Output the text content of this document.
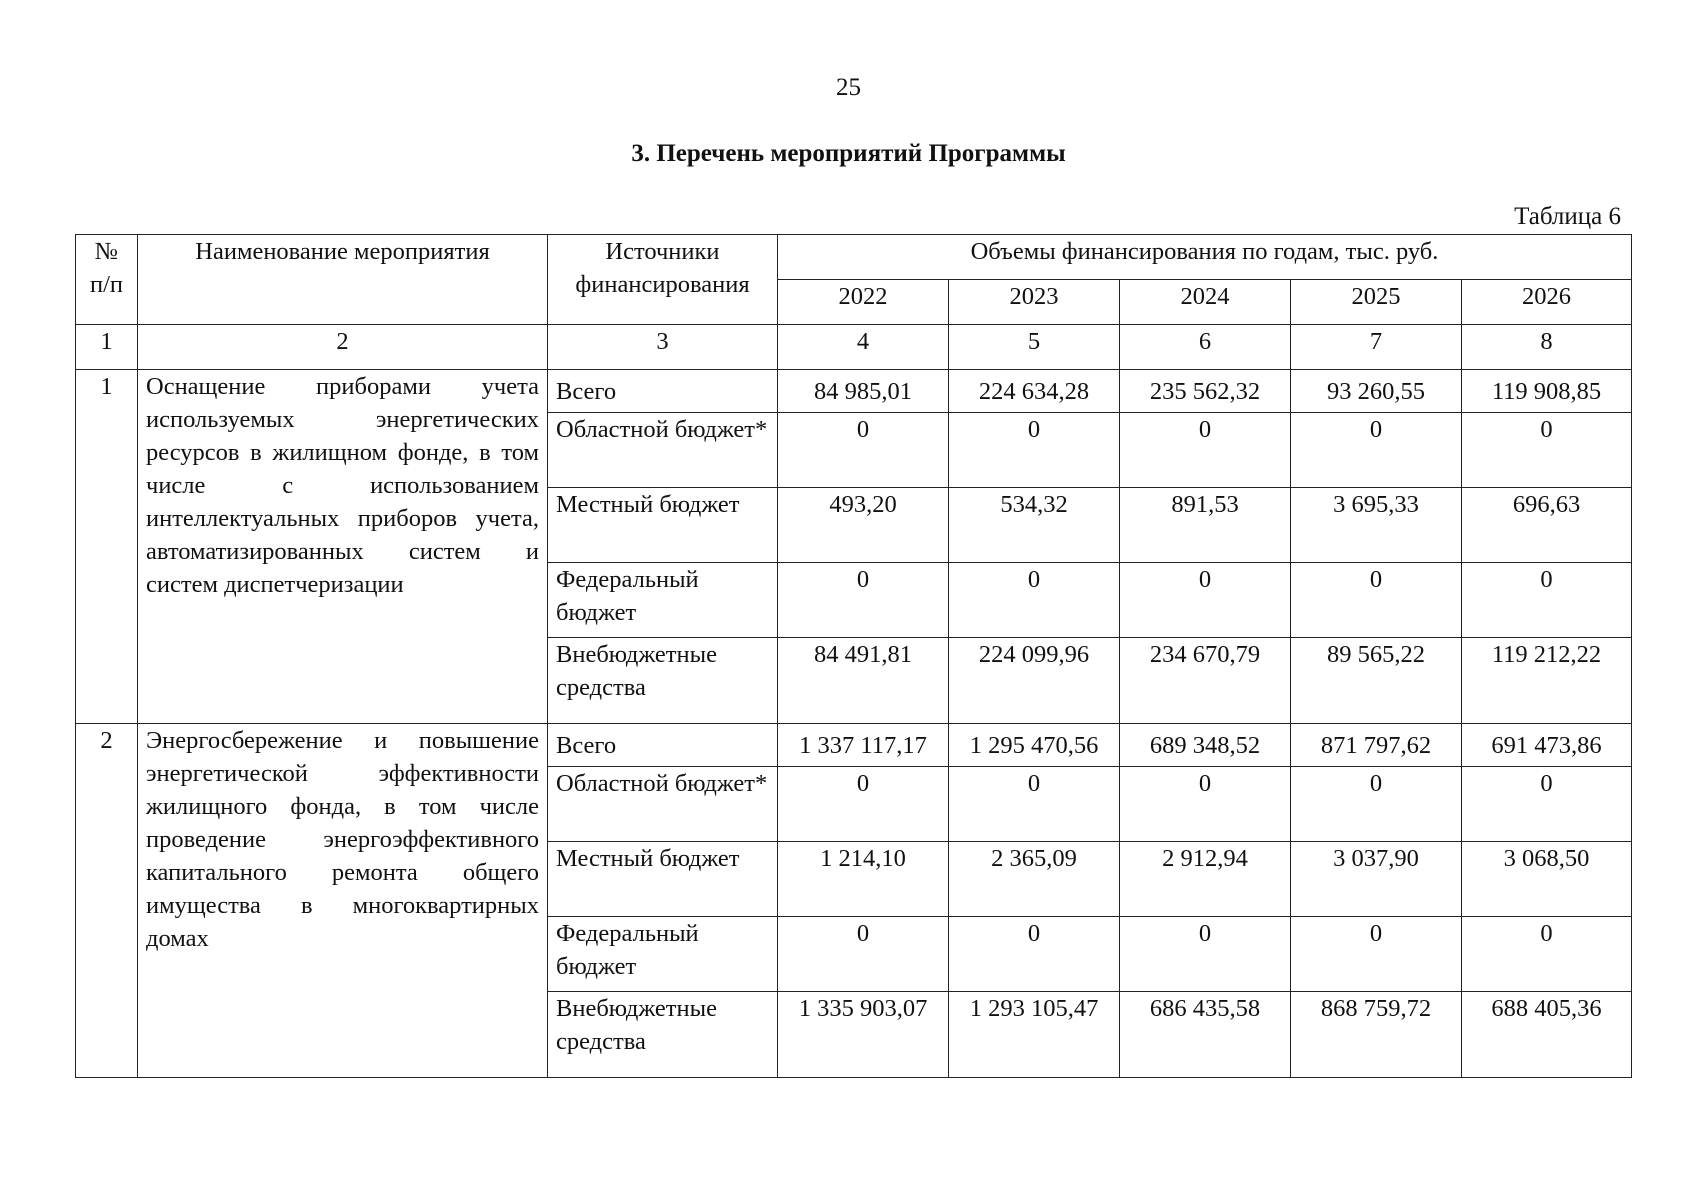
25
3. Перечень мероприятий Программы
Таблица 6
№ п/п	Наименование мероприятия	Источники финансирования	Объемы финансирования по годам, тыс. руб.				
			2022	2023	2024	2025	2026
1	2	3	4	5	6	7	8
1	Оснащение приборами учета используемых энергетических ресурсов в жилищном фонде, в том числе с использованием интеллектуальных приборов учета, автоматизированных систем и систем диспетчеризации	Всего	84 985,01	224 634,28	235 562,32	93 260,55	119 908,85
		Областной бюджет*	0	0	0	0	0
		Местный бюджет	493,20	534,32	891,53	3 695,33	696,63
		Федеральный бюджет	0	0	0	0	0
		Внебюджетные средства	84 491,81	224 099,96	234 670,79	89 565,22	119 212,22
2	Энергосбережение и повышение энергетической эффективности жилищного фонда, в том числе проведение энергоэффективного капитального ремонта общего имущества в многоквартирных домах	Всего	1 337 117,17	1 295 470,56	689 348,52	871 797,62	691 473,86
		Областной бюджет*	0	0	0	0	0
		Местный бюджет	1 214,10	2 365,09	2 912,94	3 037,90	3 068,50
		Федеральный бюджет	0	0	0	0	0
		Внебюджетные средства	1 335 903,07	1 293 105,47	686 435,58	868 759,72	688 405,36
